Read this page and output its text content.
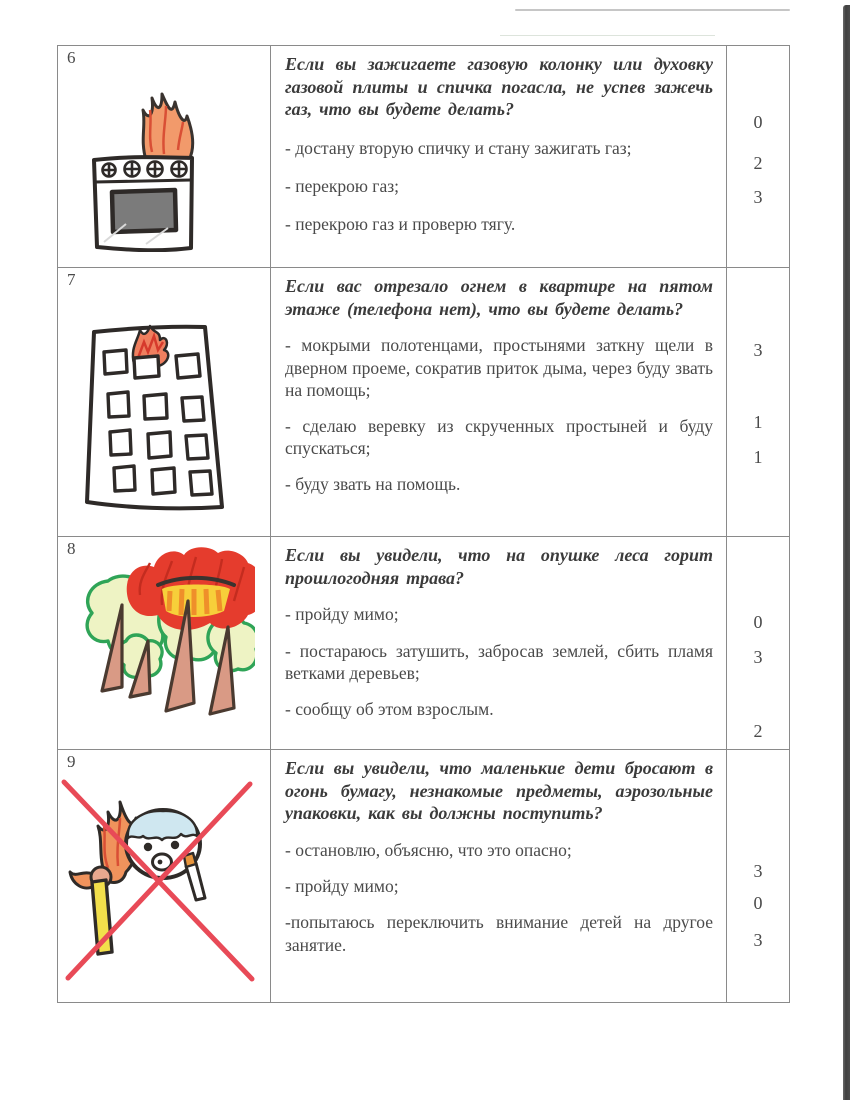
6	Если вы зажигаете газовую колонку или духовку газовой плиты и спичка погасла, не успев зажечь газ, что вы будете делать?
- достану вторую спичку и стану зажигать газ;
- перекрою газ;
- перекрою газ и проверю тягу.
0
2
3
7	Если вас отрезало огнем в квартире на пятом этаже (телефона нет), что вы будете делать?
- мокрыми полотенцами, простынями заткну щели в дверном проеме, сократив приток дыма, через буду звать на помощь;
- сделаю веревку из скрученных простыней и буду спускаться;
- буду звать на помощь.
3
1
1
8	Если вы увидели, что на опушке леса горит прошлогодняя трава?
- пройду мимо;
- постараюсь затушить, забросав землей, сбить пламя ветками деревьев;
- сообщу об этом взрослым.
0
3
2
9	Если вы увидели, что маленькие дети бросают в огонь бумагу, незнакомые предметы, аэрозольные упаковки, как вы должны поступить?
- остановлю, объясню, что это опасно;
- пройду мимо;
-попытаюсь переключить внимание детей на другое занятие.
3
0
3
